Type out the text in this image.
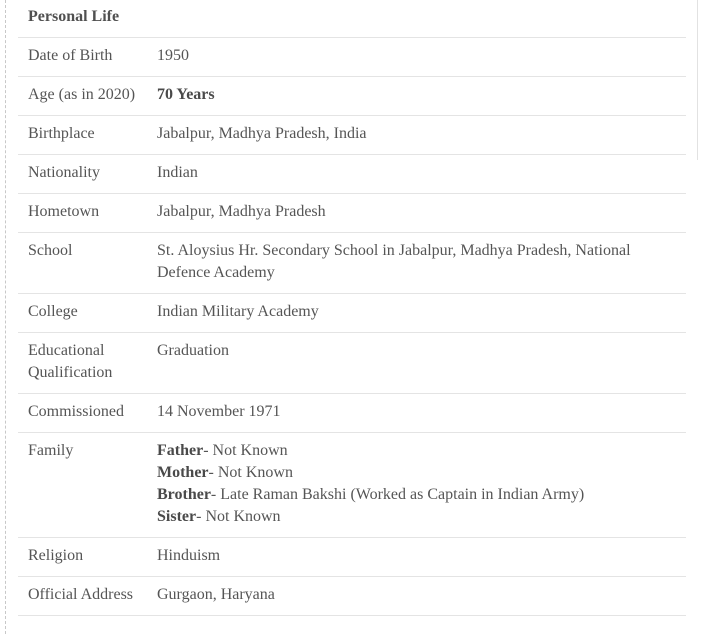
Personal Life	
Date of Birth	1950
Age (as in 2020)	70 Years
Birthplace	Jabalpur, Madhya Pradesh, India
Nationality	Indian
Hometown	Jabalpur, Madhya Pradesh
School	St. Aloysius Hr. Secondary School in Jabalpur, Madhya Pradesh, National Defence Academy
College	Indian Military Academy
Educational Qualification	Graduation
Commissioned	14 November 1971
Family	Father- Not Known
Mother- Not Known
Brother- Late Raman Bakshi (Worked as Captain in Indian Army)
Sister- Not Known

Religion	Hinduism
Official Address	Gurgaon, Haryana
